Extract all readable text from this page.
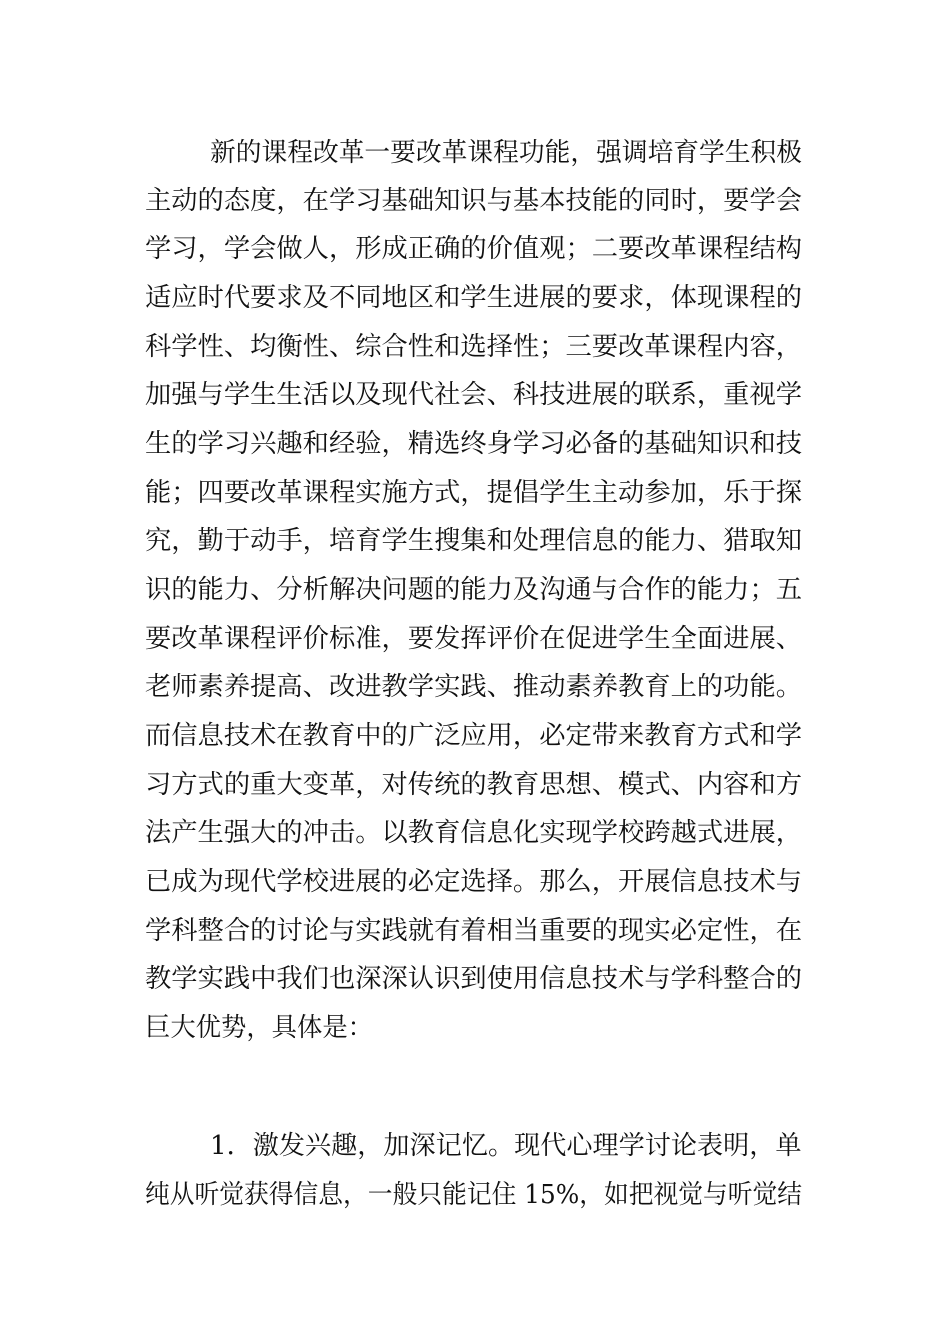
新的课程改革一要改革课程功能，强调培育学生积极
主动的态度，在学习基础知识与基本技能的同时，要学会
学习，学会做人，形成正确的价值观；二要改革课程结构
适应时代要求及不同地区和学生进展的要求，体现课程的
科学性、均衡性、综合性和选择性；三要改革课程内容，
加强与学生生活以及现代社会、科技进展的联系，重视学
生的学习兴趣和经验，精选终身学习必备的基础知识和技
能；四要改革课程实施方式，提倡学生主动参加，乐于探
究，勤于动手，培育学生搜集和处理信息的能力、猎取知
识的能力、分析解决问题的能力及沟通与合作的能力；五
要改革课程评价标准，要发挥评价在促进学生全面进展、
老师素养提高、改进教学实践、推动素养教育上的功能。
而信息技术在教育中的广泛应用，必定带来教育方式和学
习方式的重大变革，对传统的教育思想、模式、内容和方
法产生强大的冲击。以教育信息化实现学校跨越式进展，
已成为现代学校进展的必定选择。那么，开展信息技术与
学科整合的讨论与实践就有着相当重要的现实必定性，在
教学实践中我们也深深认识到使用信息技术与学科整合的
巨大优势，具体是：
1．激发兴趣，加深记忆。现代心理学讨论表明，单
纯从听觉获得信息，一般只能记住 15%，如把视觉与听觉结
